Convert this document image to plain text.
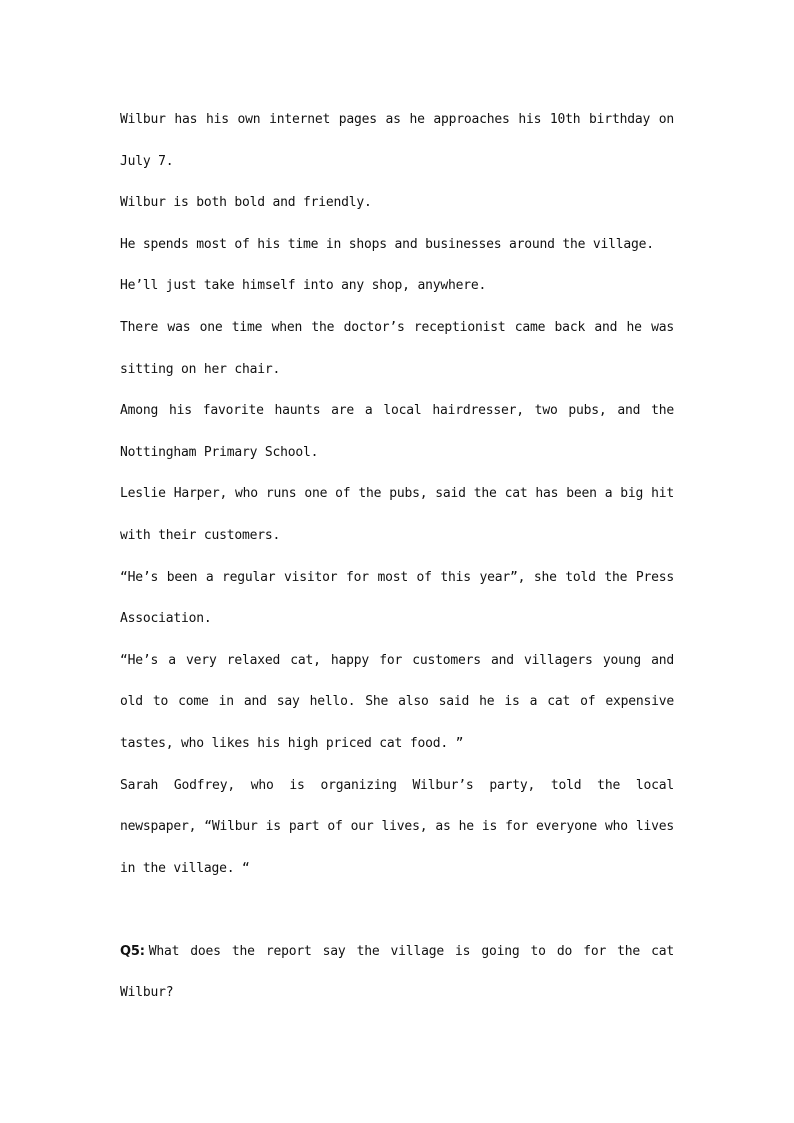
Wilbur has his own internet pages as he approaches his 10th birthday on
July 7.
Wilbur is both bold and friendly.
He spends most of his time in shops and businesses around the village.
He’ll just take himself into any shop, anywhere.
There was one time when the doctor’s receptionist came back and he was
sitting on her chair.
Among his favorite haunts are a local hairdresser, two pubs, and the
Nottingham Primary School.
Leslie Harper, who runs one of the pubs, said the cat has been a big hit
with their customers.
“He’s been a regular visitor for most of this year”, she told the Press
Association.
“He’s a very relaxed cat, happy for customers and villagers young and
old to come in and say hello. She also said he is a cat of expensive
tastes, who likes his high priced cat food. ”
Sarah Godfrey, who is organizing Wilbur’s party, told the local
newspaper, “Wilbur is part of our lives, as he is for everyone who lives
in the village. “
Q5: What does the report say the village is going to do for the cat
Wilbur?
